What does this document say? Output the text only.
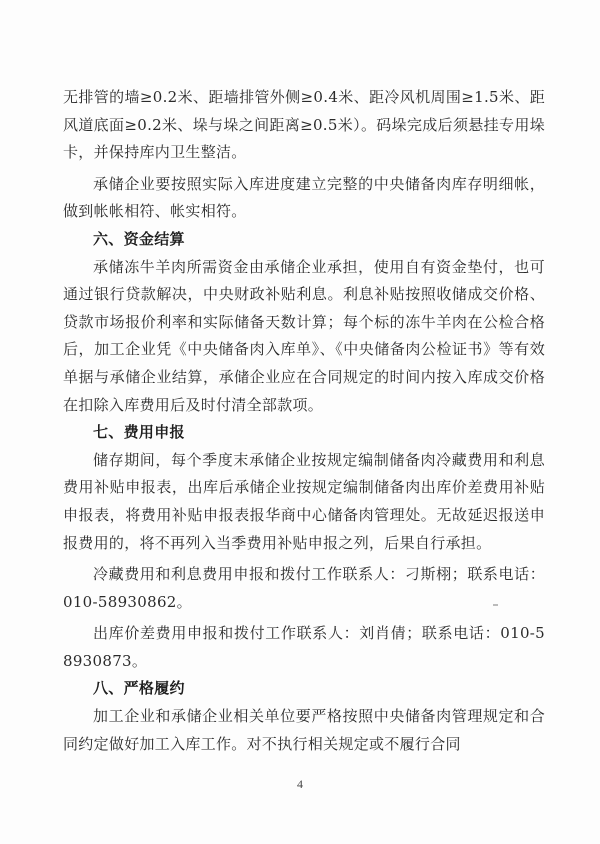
无排管的墙≥0.2米、距墙排管外侧≥0.4米、距冷风机周围≥1.5米、距风道底面≥0.2米、垛与垛之间距离≥0.5米）。码垛完成后须悬挂专用垛卡，并保持库内卫生整洁。

承储企业要按照实际入库进度建立完整的中央储备肉库存明细帐，做到帐帐相符、帐实相符。

六、资金结算

承储冻牛羊肉所需资金由承储企业承担，使用自有资金垫付，也可通过银行贷款解决，中央财政补贴利息。利息补贴按照收储成交价格、贷款市场报价利率和实际储备天数计算；每个标的冻牛羊肉在公检合格后，加工企业凭《中央储备肉入库单》、《中央储备肉公检证书》等有效单据与承储企业结算，承储企业应在合同规定的时间内按入库成交价格在扣除入库费用后及时付清全部款项。

七、费用申报

储存期间，每个季度末承储企业按规定编制储备肉冷藏费用和利息费用补贴申报表，出库后承储企业按规定编制储备肉出库价差费用补贴申报表，将费用补贴申报表报华商中心储备肉管理处。无故延迟报送申报费用的，将不再列入当季费用补贴申报之列，后果自行承担。

冷藏费用和利息费用申报和拨付工作联系人：刁斯栩；联系电话：010-58930862。

出库价差费用申报和拨付工作联系人：刘肖倩；联系电话：010-58930873。

八、严格履约

加工企业和承储企业相关单位要严格按照中央储备肉管理规定和合同约定做好加工入库工作。对不执行相关规定或不履行合同

4
